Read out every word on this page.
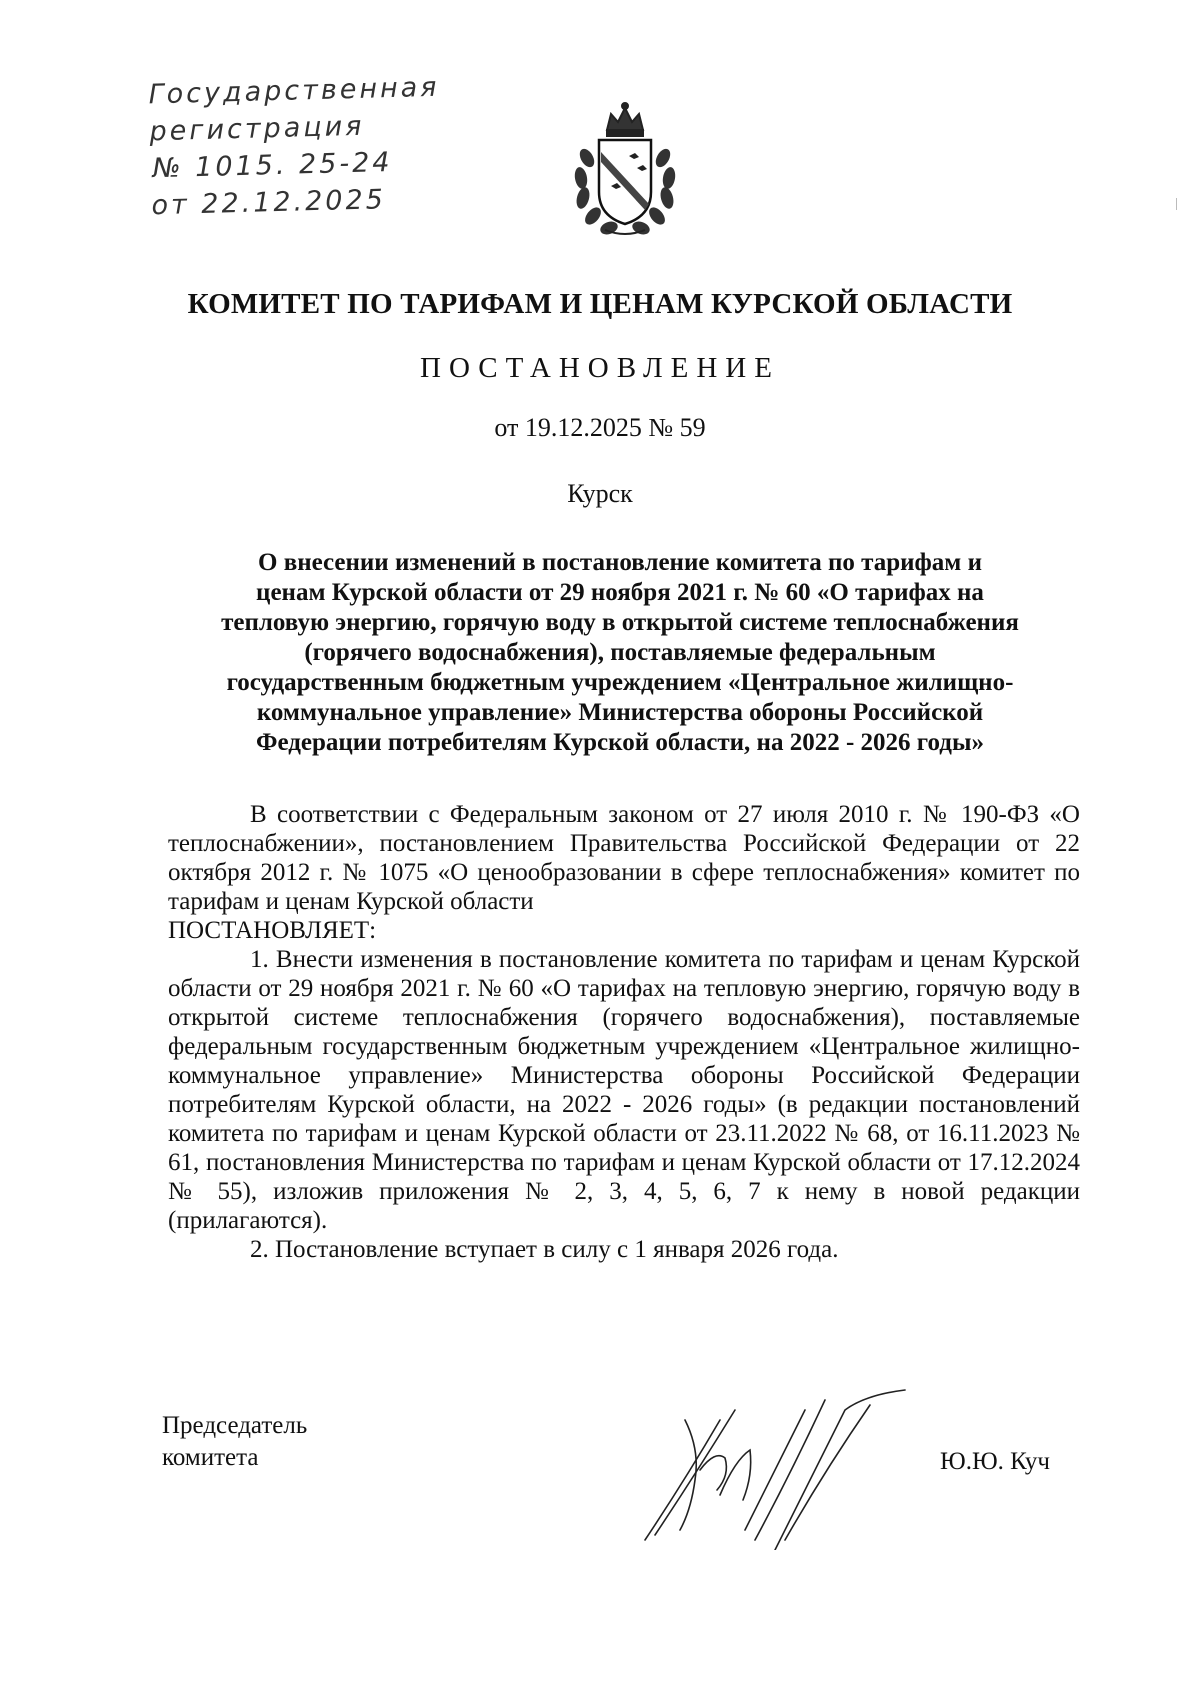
Государственная
регистрация
№ 1015. 25-24
от 22.12.2025
КОМИТЕТ ПО ТАРИФАМ И ЦЕНАМ КУРСКОЙ ОБЛАСТИ
ПОСТАНОВЛЕНИЕ

от 19.12.2025 № 59

Курск

О внесении изменений в постановление комитета по тарифам и
ценам Курской области от 29 ноября 2021 г. № 60 «О тарифах на
тепловую энергию, горячую воду в открытой системе теплоснабжения
(горячего водоснабжения), поставляемые федеральным
государственным бюджетным учреждением «Центральное жилищно-
коммунальное управление» Министерства обороны Российской
Федерации потребителям Курской области, на 2022 - 2026 годы»

В соответствии с Федеральным законом от 27 июля 2010 г. № 190-ФЗ «О теплоснабжении», постановлением Правительства Российской Федерации от 22 октября 2012 г. № 1075 «О ценообразовании в сфере теплоснабжения» комитет по тарифам и ценам Курской области

ПОСТАНОВЛЯЕТ:

1. Внести изменения в постановление комитета по тарифам и ценам Курской области от 29 ноября 2021 г. № 60 «О тарифах на тепловую энергию, горячую воду в открытой системе теплоснабжения (горячего водоснабжения), поставляемые федеральным государственным бюджетным учреждением «Центральное жилищно-коммунальное управление» Министерства обороны Российской Федерации потребителям Курской области, на 2022 - 2026 годы» (в редакции постановлений комитета по тарифам и ценам Курской области от 23.11.2022 № 68, от 16.11.2023 № 61, постановления Министерства по тарифам и ценам Курской области от 17.12.2024 № 55), изложив приложения № 2, 3, 4, 5, 6, 7 к нему в новой редакции (прилагаются).

2. Постановление вступает в силу с 1 января 2026 года.

Председатель
комитета	Ю.Ю. Куч
